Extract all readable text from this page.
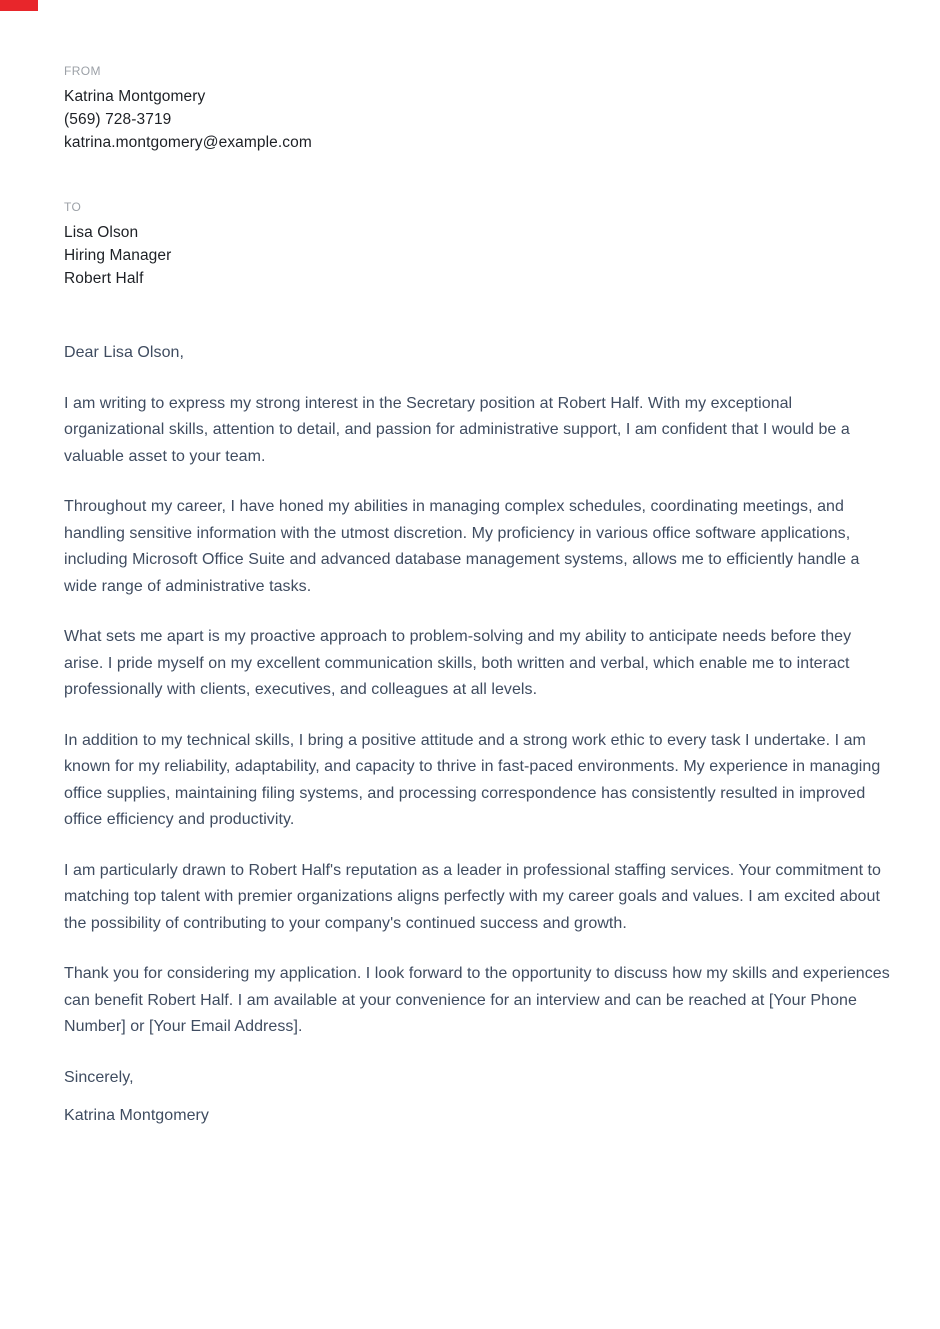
FROM
Katrina Montgomery
(569) 728-3719
katrina.montgomery@example.com
TO
Lisa Olson
Hiring Manager
Robert Half

Dear Lisa Olson,

I am writing to express my strong interest in the Secretary position at Robert Half. With my exceptional organizational skills, attention to detail, and passion for administrative support, I am confident that I would be a valuable asset to your team.

Throughout my career, I have honed my abilities in managing complex schedules, coordinating meetings, and handling sensitive information with the utmost discretion. My proficiency in various office software applications, including Microsoft Office Suite and advanced database management systems, allows me to efficiently handle a wide range of administrative tasks.

What sets me apart is my proactive approach to problem-solving and my ability to anticipate needs before they arise. I pride myself on my excellent communication skills, both written and verbal, which enable me to interact professionally with clients, executives, and colleagues at all levels.

In addition to my technical skills, I bring a positive attitude and a strong work ethic to every task I undertake. I am known for my reliability, adaptability, and capacity to thrive in fast-paced environments. My experience in managing office supplies, maintaining filing systems, and processing correspondence has consistently resulted in improved office efficiency and productivity.

I am particularly drawn to Robert Half's reputation as a leader in professional staffing services. Your commitment to matching top talent with premier organizations aligns perfectly with my career goals and values. I am excited about the possibility of contributing to your company's continued success and growth.

Thank you for considering my application. I look forward to the opportunity to discuss how my skills and experiences can benefit Robert Half. I am available at your convenience for an interview and can be reached at [Your Phone Number] or [Your Email Address].

Sincerely,

Katrina Montgomery
